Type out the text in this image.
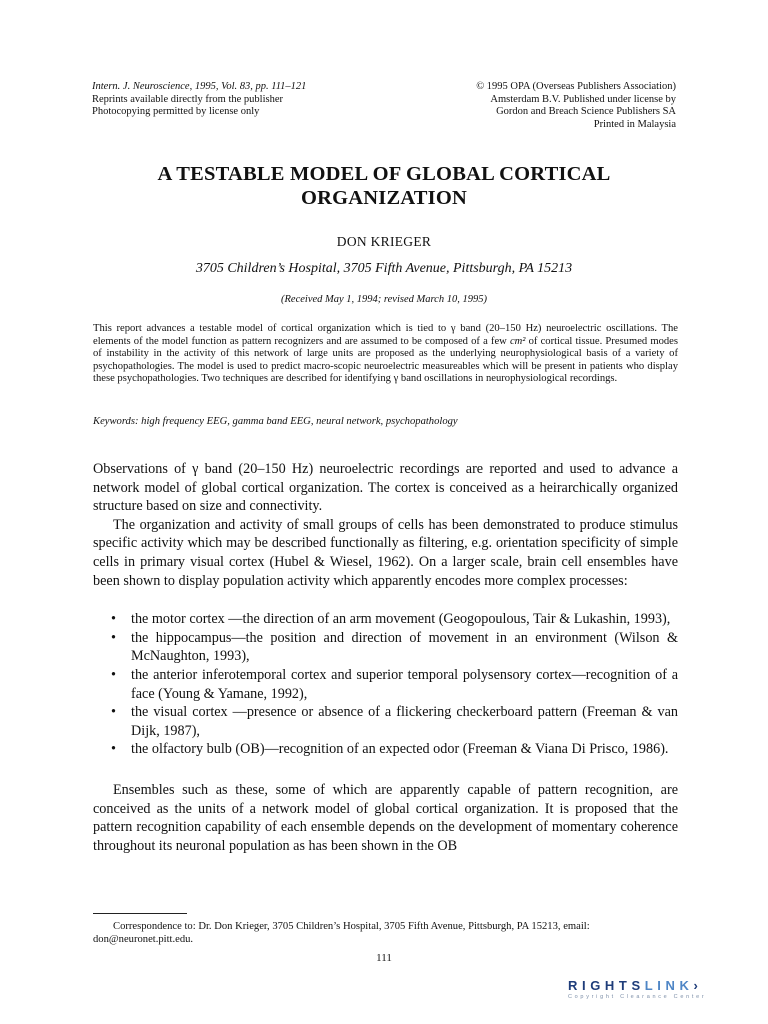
Intern. J. Neuroscience, 1995, Vol. 83, pp. 111–121
Reprints available directly from the publisher
Photocopying permitted by license only
© 1995 OPA (Overseas Publishers Association)
Amsterdam B.V. Published under license by
Gordon and Breach Science Publishers SA
Printed in Malaysia
A TESTABLE MODEL OF GLOBAL CORTICAL
ORGANIZATION
DON KRIEGER
3705 Children’s Hospital, 3705 Fifth Avenue, Pittsburgh, PA 15213
(Received May 1, 1994; revised March 10, 1995)
This report advances a testable model of cortical organization which is tied to γ band (20–150 Hz) neuroelectric oscillations. The elements of the model function as pattern recognizers and are assumed to be composed of a few cm² of cortical tissue. Presumed modes of instability in the activity of this network of large units are proposed as the underlying neurophysiological basis of a variety of psychopathologies. The model is used to predict macro-scopic neuroelectric measureables which will be present in patients who display these psychopathologies. Two techniques are described for identifying γ band oscillations in neurophysiological recordings.
Keywords: high frequency EEG, gamma band EEG, neural network, psychopathology

Observations of γ band (20–150 Hz) neuroelectric recordings are reported and used to advance a network model of global cortical organization. The cortex is conceived as a heirarchically organized structure based on size and connectivity.

The organization and activity of small groups of cells has been demonstrated to produce stimulus specific activity which may be described functionally as filtering, e.g. orientation specificity of simple cells in primary visual cortex (Hubel & Wiesel, 1962). On a larger scale, brain cell ensembles have been shown to display population activity which apparently encodes more complex processes:

• the motor cortex —the direction of an arm movement (Geogopoulous, Tair & Lukashin, 1993),
• the hippocampus—the position and direction of movement in an environment (Wilson & McNaughton, 1993),
• the anterior inferotemporal cortex and superior temporal polysensory cortex—recognition of a face (Young & Yamane, 1992),
• the visual cortex —presence or absence of a flickering checkerboard pattern (Freeman & van Dijk, 1987),
• the olfactory bulb (OB)—recognition of an expected odor (Freeman & Viana Di Prisco, 1986).

Ensembles such as these, some of which are apparently capable of pattern recognition, are conceived as the units of a network model of global cortical organization. It is proposed that the pattern recognition capability of each ensemble depends on the development of momentary coherence throughout its neuronal population as has been shown in the OB

Correspondence to: Dr. Don Krieger, 3705 Children’s Hospital, 3705 Fifth Avenue, Pittsburgh, PA 15213, email: don@neuronet.pitt.edu.
111
RIGHTSLINK›
Copyright Clearance Center
